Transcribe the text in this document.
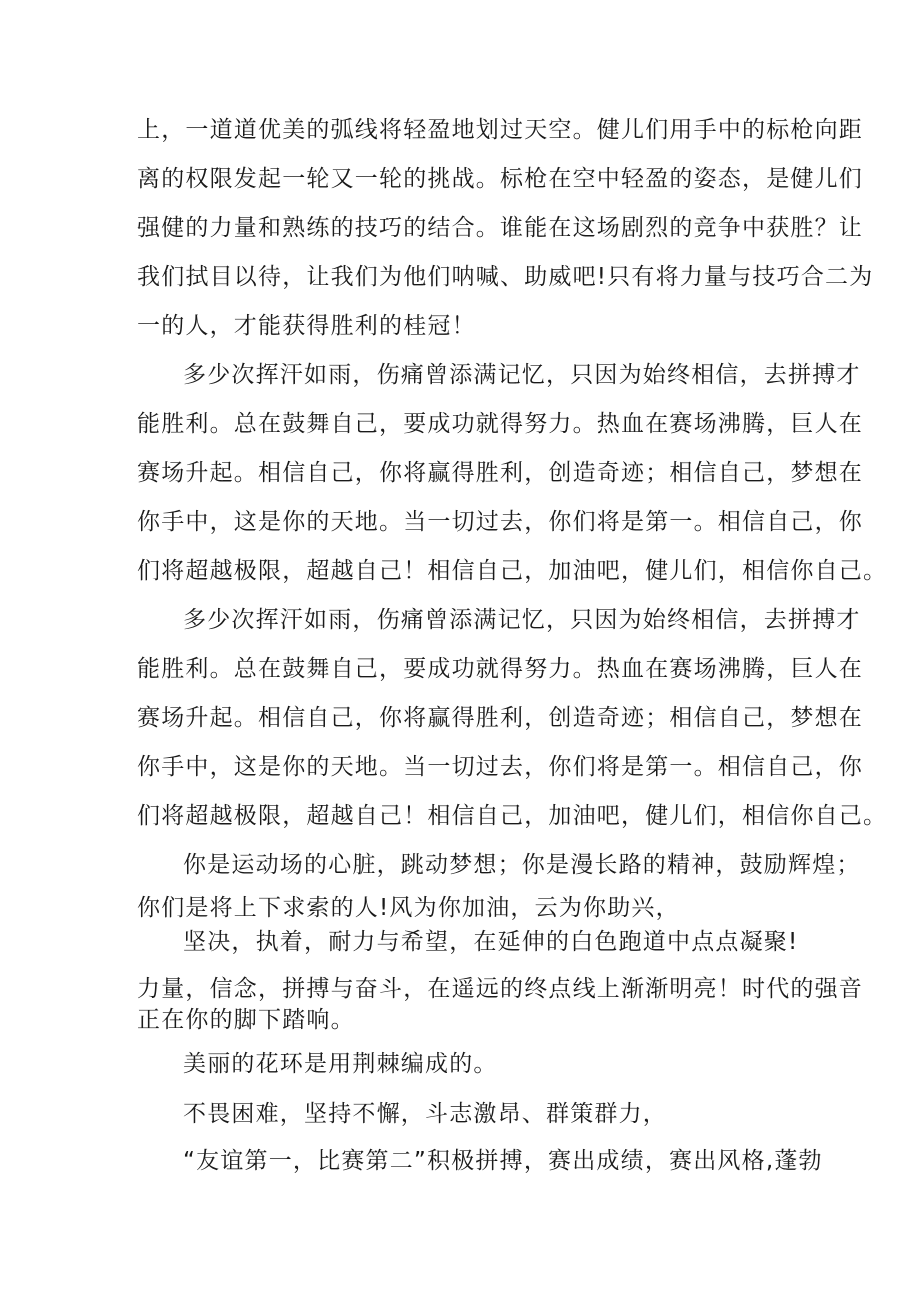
上，一道道优美的弧线将轻盈地划过天空。健儿们用手中的标枪向距
离的权限发起一轮又一轮的挑战。标枪在空中轻盈的姿态，是健儿们
强健的力量和熟练的技巧的结合。谁能在这场剧烈的竞争中获胜？让
我们拭目以待，让我们为他们呐喊、助威吧!只有将力量与技巧合二为
一的人，才能获得胜利的桂冠！
多少次挥汗如雨，伤痛曾添满记忆，只因为始终相信，去拼搏才
能胜利。总在鼓舞自己，要成功就得努力。热血在赛场沸腾，巨人在
赛场升起。相信自己，你将赢得胜利，创造奇迹；相信自己，梦想在
你手中，这是你的天地。当一切过去，你们将是第一。相信自己，你
们将超越极限，超越自己！相信自己，加油吧，健儿们，相信你自己。
多少次挥汗如雨，伤痛曾添满记忆，只因为始终相信，去拼搏才
能胜利。总在鼓舞自己，要成功就得努力。热血在赛场沸腾，巨人在
赛场升起。相信自己，你将赢得胜利，创造奇迹；相信自己，梦想在
你手中，这是你的天地。当一切过去，你们将是第一。相信自己，你
们将超越极限，超越自己！相信自己，加油吧，健儿们，相信你自己。
你是运动场的心脏，跳动梦想；你是漫长路的精神，鼓励辉煌；
你们是将上下求索的人!风为你加油，云为你助兴，
坚决，执着，耐力与希望，在延伸的白色跑道中点点凝聚!
力量，信念，拼搏与奋斗，在遥远的终点线上渐渐明亮！时代的强音
正在你的脚下踏响。
美丽的花环是用荆棘编成的。
不畏困难，坚持不懈，斗志激昂、群策群力，
“友谊第一，比赛第二”积极拼搏，赛出成绩，赛出风格,蓬勃
